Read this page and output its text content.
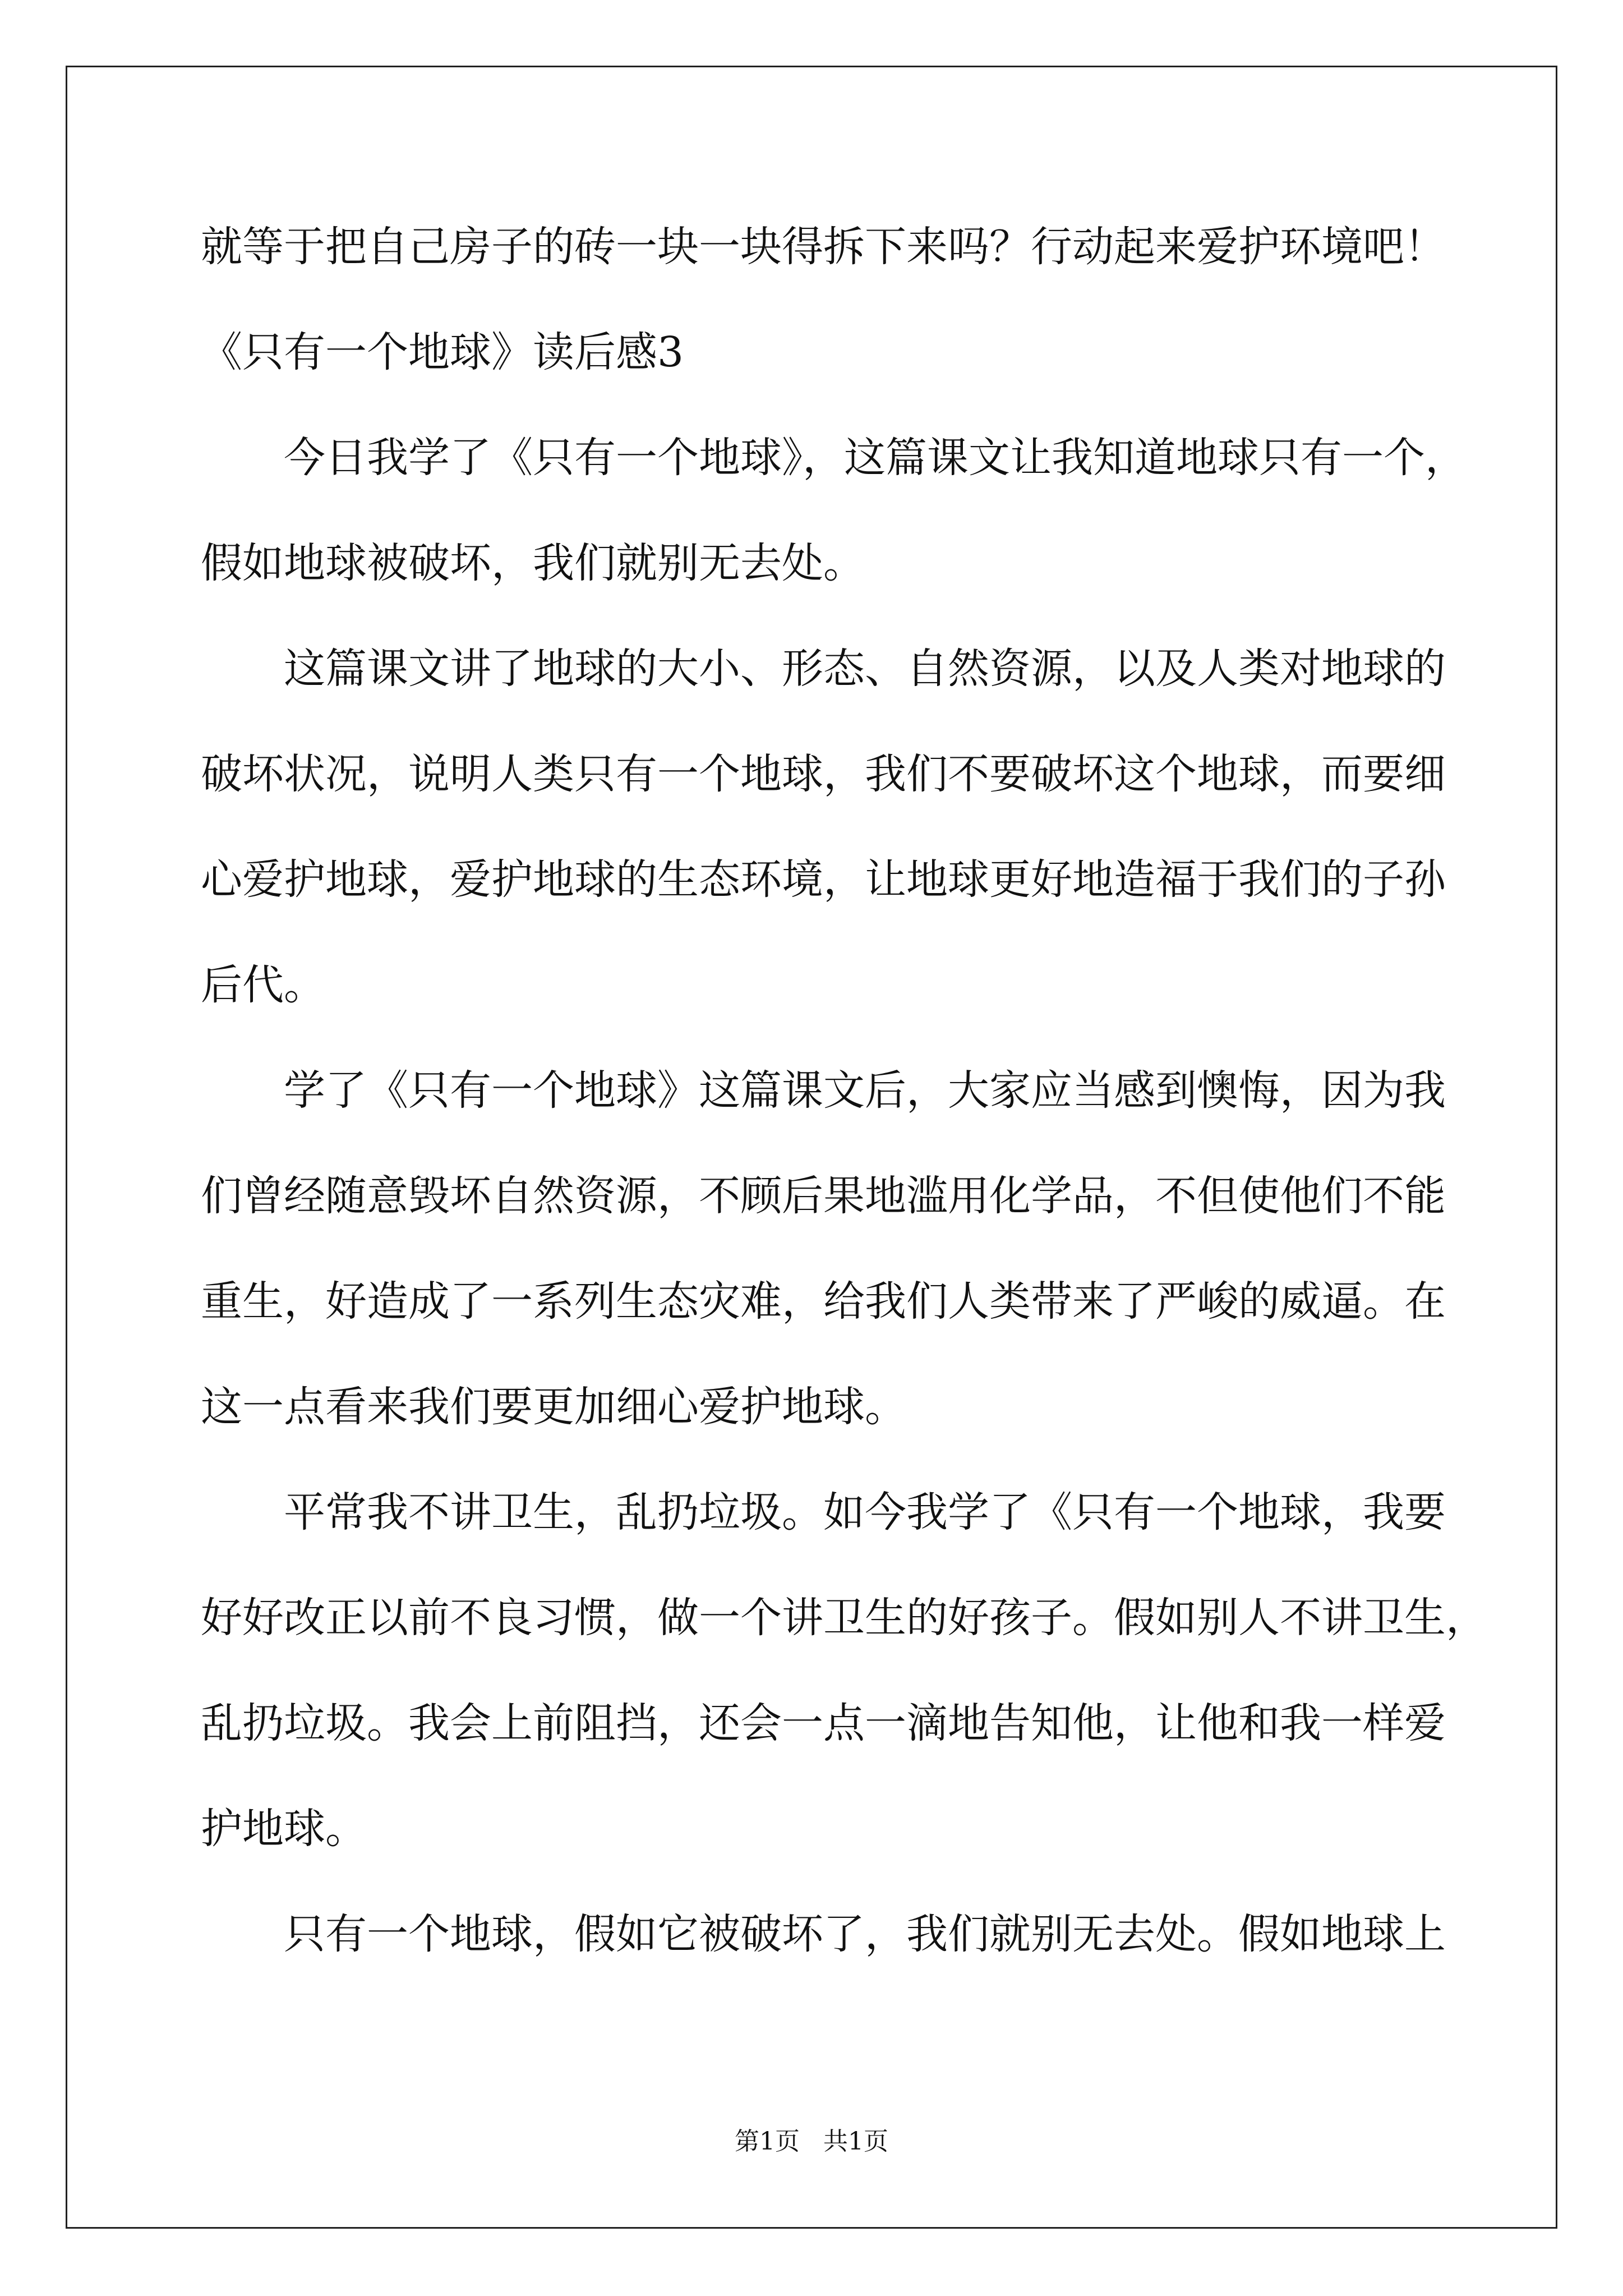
就等于把自己房子的砖一块一块得拆下来吗？行动起来爱护环境吧！
《只有一个地球》读后感3
今日我学了《只有一个地球》，这篇课文让我知道地球只有一个，
假如地球被破坏，我们就别无去处。
这篇课文讲了地球的大小、形态、自然资源，以及人类对地球的
破坏状况，说明人类只有一个地球，我们不要破坏这个地球，而要细
心爱护地球，爱护地球的生态环境，让地球更好地造福于我们的子孙
后代。
学了《只有一个地球》这篇课文后，大家应当感到懊悔，因为我
们曾经随意毁坏自然资源，不顾后果地滥用化学品，不但使他们不能
重生，好造成了一系列生态灾难，给我们人类带来了严峻的威逼。在
这一点看来我们要更加细心爱护地球。
平常我不讲卫生，乱扔垃圾。如今我学了《只有一个地球，我要
好好改正以前不良习惯，做一个讲卫生的好孩子。假如别人不讲卫生，
乱扔垃圾。我会上前阻挡，还会一点一滴地告知他，让他和我一样爱
护地球。
只有一个地球，假如它被破坏了，我们就别无去处。假如地球上
第1页   共1页
